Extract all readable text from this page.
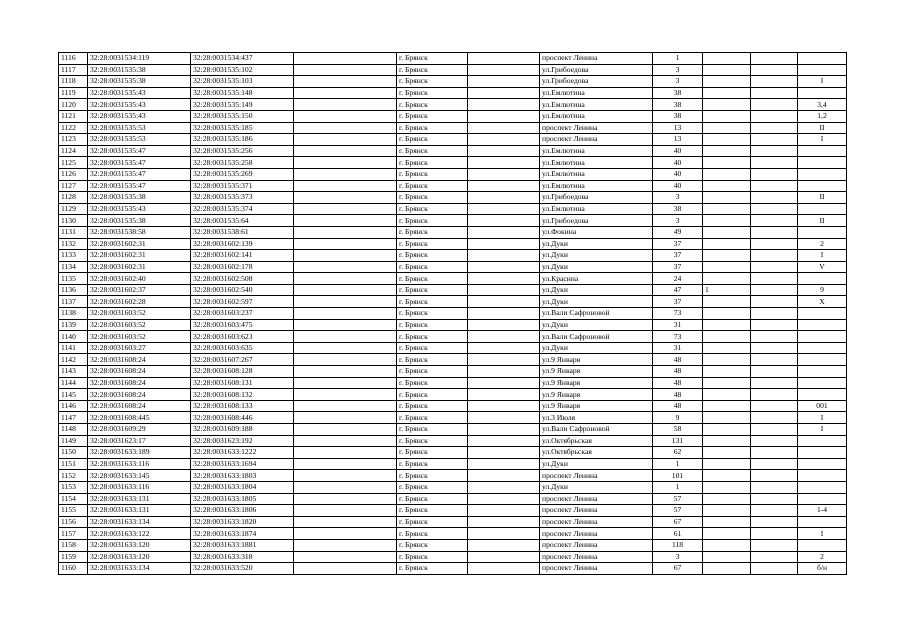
1116	32:28:0031534:119	32:28:0031534:437		г. Брянск		проспект Ленина	1			
1117	32:28:0031535:38	32:28:0031535:102		г. Брянск		ул.Грибоедова	3			
1118	32:28:0031535:38	32:28:0031535:103		г. Брянск		ул.Грибоедова	3			I
1119	32:28:0031535:43	32:28:0031535:148		г. Брянск		ул.Емлютина	38			
1120	32:28:0031535:43	32:28:0031535:149		г. Брянск		ул.Емлютина	38			3,4
1121	32:28:0031535:43	32:28:0031535:150		г. Брянск		ул.Емлютина	38			1,2
1122	32:28:0031535:53	32:28:0031535:185		г. Брянск		проспект Ленина	13			II
1123	32:28:0031535:53	32:28:0031535:186		г. Брянск		проспект Ленина	13			I
1124	32:28:0031535:47	32:28:0031535:256		г. Брянск		ул.Емлютина	40			
1125	32:28:0031535:47	32:28:0031535:258		г. Брянск		ул.Емлютина	40			
1126	32:28:0031535:47	32:28:0031535:269		г. Брянск		ул.Емлютина	40			
1127	32:28:0031535:47	32:28:0031535:371		г. Брянск		ул.Емлютина	40			
1128	32:28:0031535:38	32:28:0031535:373		г. Брянск		ул.Грибоедова	3			II
1129	32:28:0031535:43	32:28:0031535:374		г. Брянск		ул.Емлютина	38			
1130	32:28:0031535:38	32:28:0031535:64		г. Брянск		ул.Грибоедова	3			II
1131	32:28:0031538:58	32:28:0031538:61		г. Брянск		ул.Фокина	49			
1132	32:28:0031602:31	32:28:0031602:139		г. Брянск		ул.Дуки	37			2
1133	32:28:0031602:31	32:28:0031602:141		г. Брянск		ул.Дуки	37			I
1134	32:28:0031602:31	32:28:0031602:178		г. Брянск		ул.Дуки	37			V
1135	32:28:0031602:40	32:28:0031602:508		г. Брянск		ул.Красина	24			
1136	32:28:0031602:37	32:28:0031602:540		г. Брянск		ул.Дуки	47	1		9
1137	32:28:0031602:28	32:28:0031602:597		г. Брянск		ул.Дуки	37			X
1138	32:28:0031603:52	32:28:0031603:237		г. Брянск		ул.Вали Сафроновой	73			
1139	32:28:0031603:52	32:28:0031603:475		г. Брянск		ул.Дуки	31			
1140	32:28:0031603:52	32:28:0031603:623		г. Брянск		ул.Вали Сафроновой	73			
1141	32:28:0031603:27	32:28:0031603:635		г. Брянск		ул.Дуки	31			
1142	32:28:0031608:24	32:28:0031607:267		г. Брянск		ул.9 Января	48			
1143	32:28:0031608:24	32:28:0031608:128		г. Брянск		ул.9 Января	48			
1144	32:28:0031608:24	32:28:0031608:131		г. Брянск		ул.9 Января	48			
1145	32:28:0031608:24	32:28:0031608:132		г. Брянск		ул.9 Января	48			
1146	32:28:0031608:24	32:28:0031608:133		г. Брянск		ул.9 Января	48			001
1147	32:28:0031608:445	32:28:0031608:446		г. Брянск		ул.3 Июля	9			I
1148	32:28:0031609:29	32:28:0031609:188		г. Брянск		ул.Вали Сафроновой	58			I
1149	32:28:0031623:17	32:28:0031623:192		г. Брянск		ул.Октябрьская	131			
1150	32:28:0031633:189	32:28:0031633:1222		г. Брянск		ул.Октябрьская	62			
1151	32:28:0031633:116	32:28:0031633:1694		г. Брянск		ул.Дуки	1			
1152	32:28:0031633:145	32:28:0031633:1803		г. Брянск		проспект Ленина	101			
1153	32:28:0031633:116	32:28:0031633:1804		г. Брянск		ул.Дуки	1			
1154	32:28:0031633:131	32:28:0031633:1805		г. Брянск		проспект Ленина	57			
1155	32:28:0031633:131	32:28:0031633:1806		г. Брянск		проспект Ленина	57			1-4
1156	32:28:0031633:134	32:28:0031633:1820		г. Брянск		проспект Ленина	67			
1157	32:28:0031633:122	32:28:0031633:1874		г. Брянск		проспект Ленина	61			I
1158	32:28:0031633:120	32:28:0031633:1881		г. Брянск		проспект Ленина	118			
1159	32:28:0031633:120	32:28:0031633:318		г. Брянск		проспект Ленина	3			2
1160	32:28:0031633:134	32:28:0031633:520		г. Брянск		проспект Ленина	67			б/н
